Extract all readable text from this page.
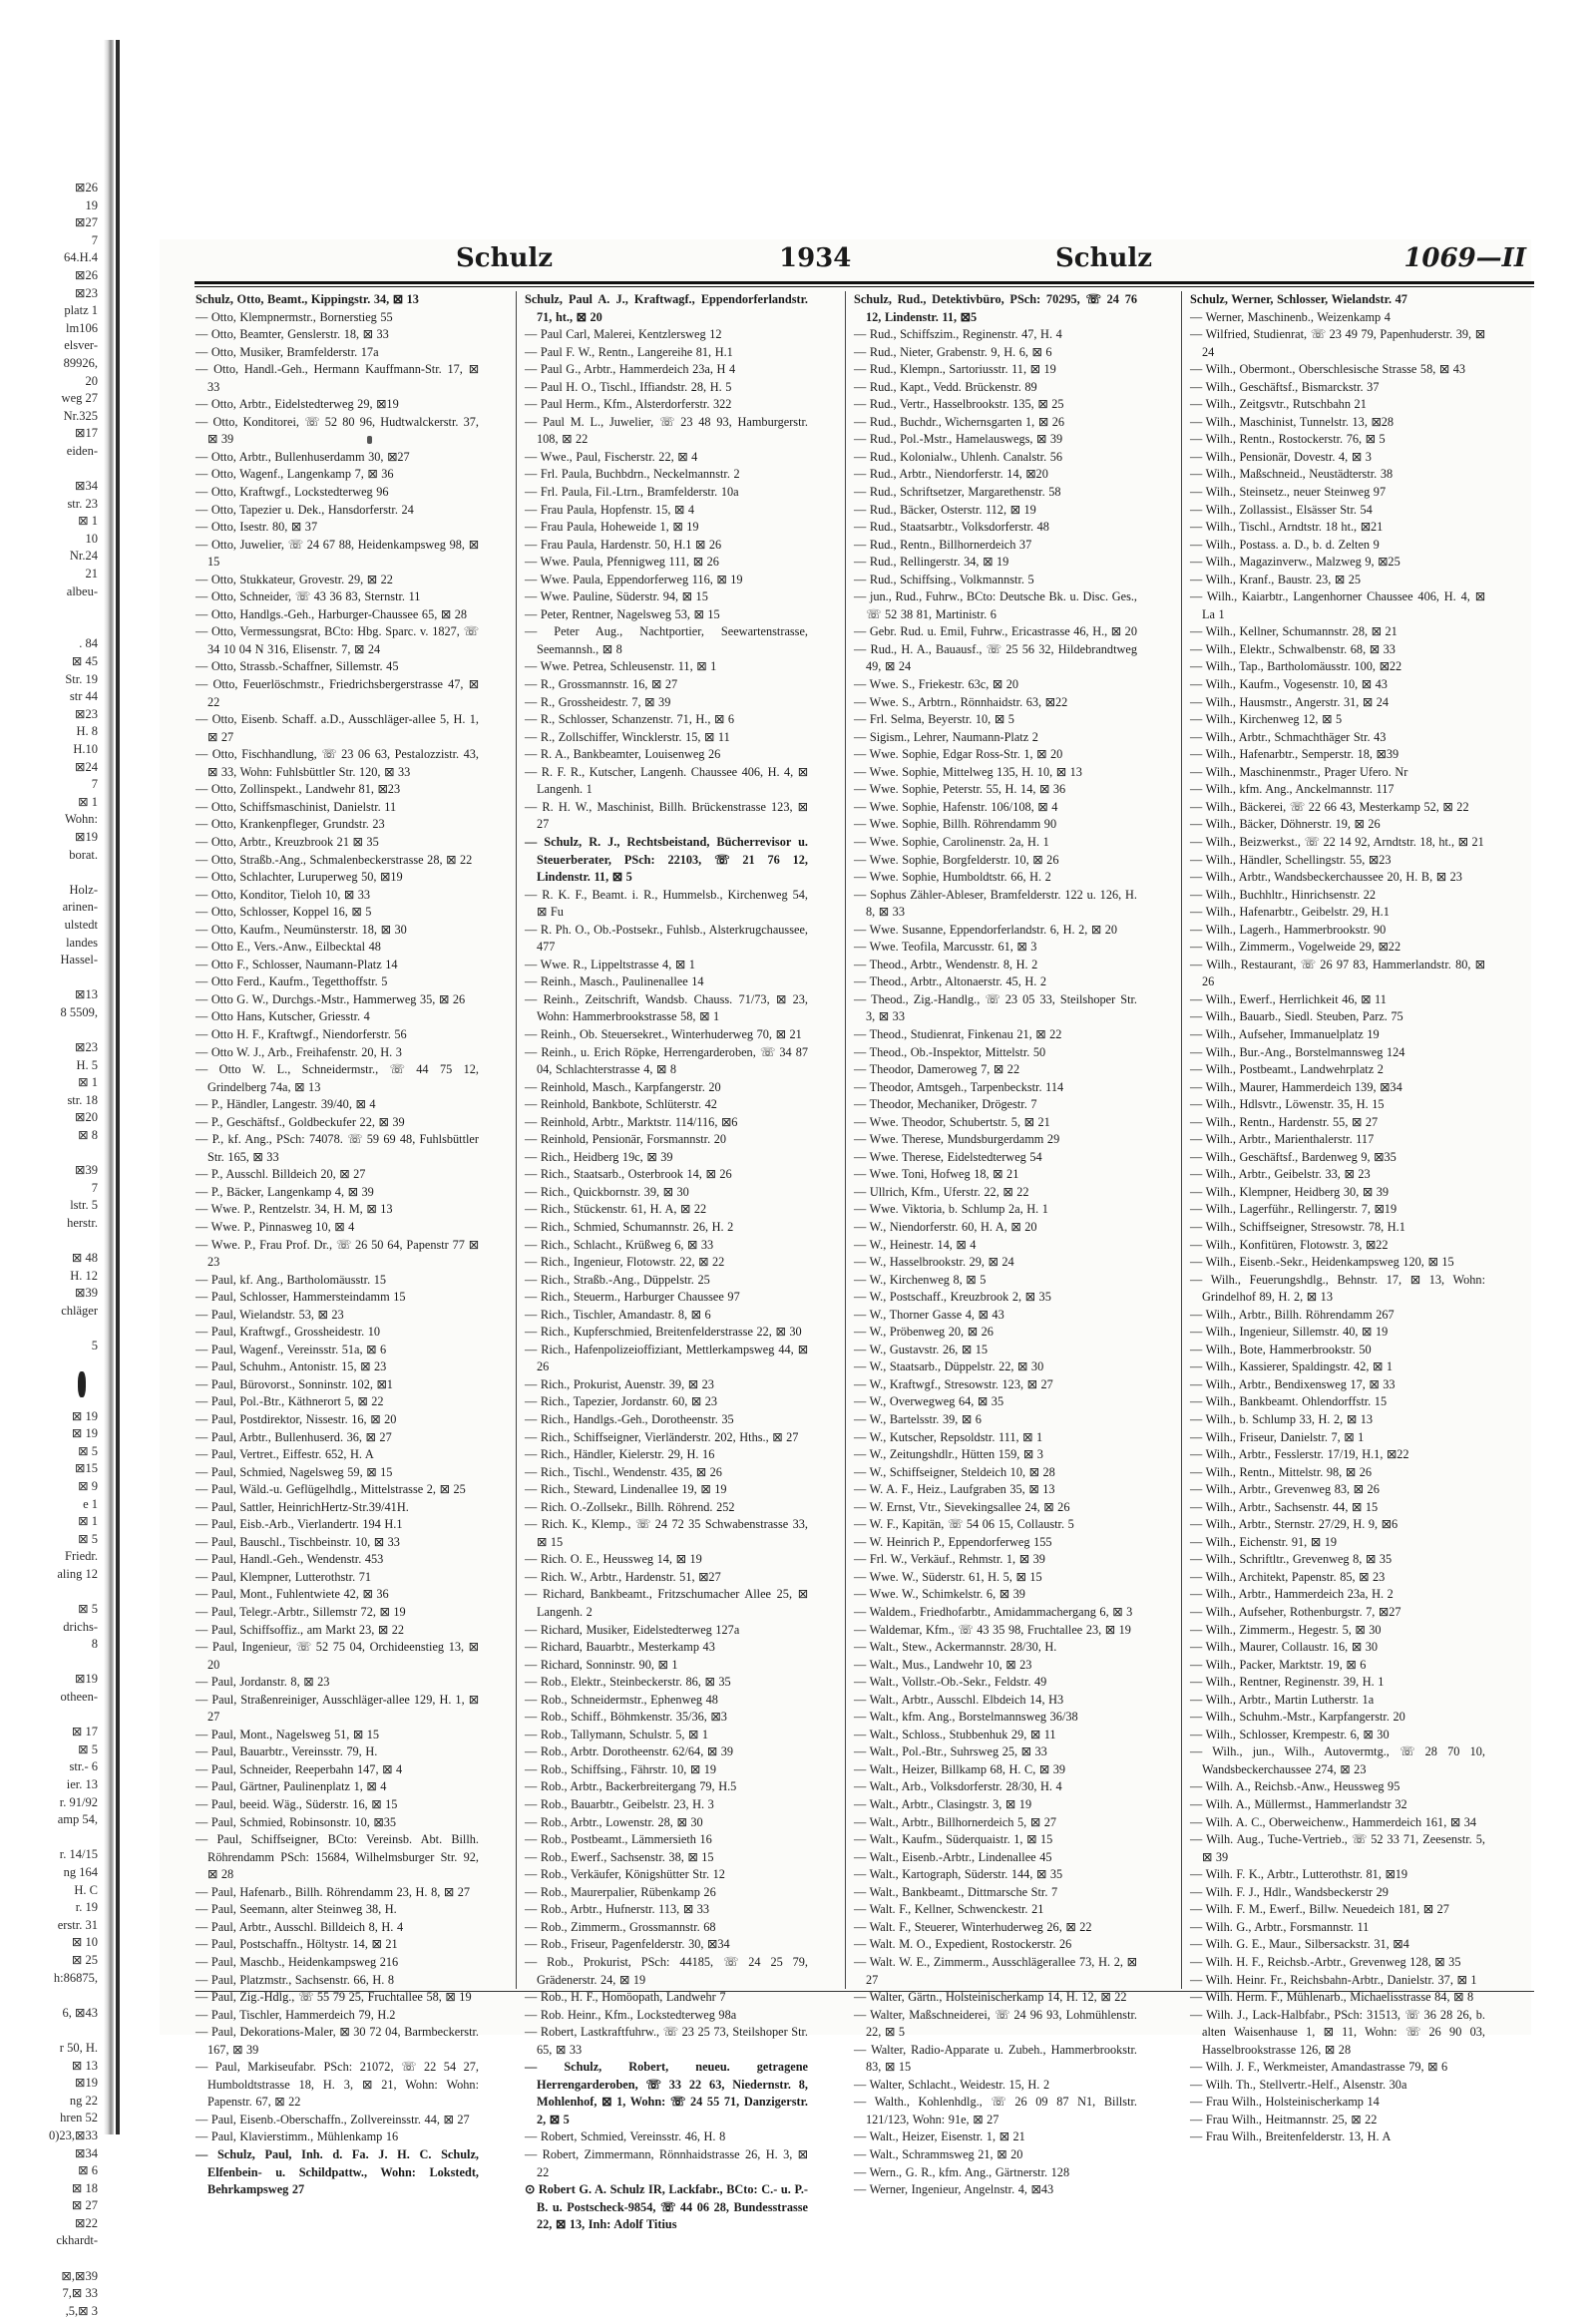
⊠26
19
⊠27
7
64.H.4
⊠26
⊠23
platz 1
lm106
elsver-
89926,
20
weg 27
Nr.325
⊠17
eiden-

⊠34
str. 23
⊠ 1
10
Nr.24
21
albeu-

. 84
⊠ 45
Str. 19
str 44
⊠23
H. 8
H.10
⊠24
7
⊠ 1
Wohn:
⊠19
borat.

Holz-
arinen-
ulstedt
landes
Hassel-

⊠13
8 5509,

⊠23
H. 5
⊠ 1
str. 18
⊠20
⊠ 8

⊠39
7
lstr. 5
herstr.

⊠ 48
H. 12
⊠39
chläger

5

⊠ 19
⊠ 19
⊠ 5
⊠15
⊠ 9
e 1
⊠ 1
⊠ 5
Friedr.
aling 12

⊠ 5
drichs-
8

⊠19
otheen-

⊠ 17
⊠ 5
str.- 6
ier. 13
r. 91/92
amp 54,

r. 14/15
ng 164
H. C
r. 19
erstr. 31
⊠ 10
⊠ 25
h:86875,

6, ⊠43

r 50, H.
⊠ 13
⊠19
ng 22
hren 52
0)23,⊠33
⊠34
⊠ 6
⊠ 18
⊠ 27
⊠22
ckhardt-

⊠,⊠39
7,⊠ 33
,5,⊠ 3
Schulz	1934	Schulz	1069—II

Schulz, Otto, Beamt., Kippingstr. 34, ⊠ 13

— Otto, Klempnermstr., Bornerstieg 55

— Otto, Beamter, Genslerstr. 18, ⊠ 33

— Otto, Musiker, Bramfelderstr. 17a

— Otto, Handl.-Geh., Hermann Kauffmann-Str. 17, ⊠ 33

— Otto, Arbtr., Eidelstedterweg 29, ⊠19

— Otto, Konditorei, ☏ 52 80 96, Hudtwalckerstr. 37, ⊠ 39

— Otto, Arbtr., Bullenhuserdamm 30, ⊠27

— Otto, Wagenf., Langenkamp 7, ⊠ 36

— Otto, Kraftwgf., Lockstedterweg 96

— Otto, Tapezier u. Dek., Hansdorferstr. 24

— Otto, Isestr. 80, ⊠ 37

— Otto, Juwelier, ☏ 24 67 88, Heidenkampsweg 98, ⊠ 15

— Otto, Stukkateur, Grovestr. 29, ⊠ 22

— Otto, Schneider, ☏ 43 36 83, Sternstr. 11

— Otto, Handlgs.-Geh., Harburger-Chaussee 65, ⊠ 28

— Otto, Vermessungsrat, BCto: Hbg. Sparc. v. 1827, ☏ 34 10 04 N 316, Elisenstr. 7, ⊠ 24

— Otto, Strassb.-Schaffner, Sillemstr. 45

— Otto, Feuerlöschmstr., Friedrichsbergerstrasse 47, ⊠ 22

— Otto, Eisenb. Schaff. a.D., Ausschläger-allee 5, H. 1, ⊠ 27

— Otto, Fischhandlung, ☏ 23 06 63, Pestalozzistr. 43, ⊠ 33, Wohn: Fuhlsbüttler Str. 120, ⊠ 33

— Otto, Zollinspekt., Landwehr 81, ⊠23

— Otto, Schiffsmaschinist, Danielstr. 11

— Otto, Krankenpfleger, Grundstr. 23

— Otto, Arbtr., Kreuzbrook 21 ⊠ 35

— Otto, Straßb.-Ang., Schmalenbeckerstrasse 28, ⊠ 22

— Otto, Schlachter, Luruperweg 50, ⊠19

— Otto, Konditor, Tieloh 10, ⊠ 33

— Otto, Schlosser, Koppel 16, ⊠ 5

— Otto, Kaufm., Neumünsterstr. 18, ⊠ 30

— Otto E., Vers.-Anw., Eilbecktal 48

— Otto F., Schlosser, Naumann-Platz 14

— Otto Ferd., Kaufm., Tegetthoffstr. 5

— Otto G. W., Durchgs.-Mstr., Hammerweg 35, ⊠ 26

— Otto Hans, Kutscher, Griesstr. 4

— Otto H. F., Kraftwgf., Niendorferstr. 56

— Otto W. J., Arb., Freihafenstr. 20, H. 3

— Otto W. L., Schneidermstr., ☏ 44 75 12, Grindelberg 74a, ⊠ 13

— P., Händler, Langestr. 39/40, ⊠ 4

— P., Geschäftsf., Goldbeckufer 22, ⊠ 39

— P., kf. Ang., PSch: 74078. ☏ 59 69 48, Fuhlsbüttler Str. 165, ⊠ 33

— P., Ausschl. Billdeich 20, ⊠ 27

— P., Bäcker, Langenkamp 4, ⊠ 39

— Wwe. P., Rentzelstr. 34, H. M, ⊠ 13

— Wwe. P., Pinnasweg 10, ⊠ 4

— Wwe. P., Frau Prof. Dr., ☏ 26 50 64, Papenstr 77 ⊠ 23

— Paul, kf. Ang., Bartholomäusstr. 15

— Paul, Schlosser, Hammersteindamm 15

— Paul, Wielandstr. 53, ⊠ 23

— Paul, Kraftwgf., Grossheidestr. 10

— Paul, Wagenf., Vereinsstr. 51a, ⊠ 6

— Paul, Schuhm., Antonistr. 15, ⊠ 23

— Paul, Bürovorst., Sonninstr. 102, ⊠1

— Paul, Pol.-Btr., Käthnerort 5, ⊠ 22

— Paul, Postdirektor, Nissestr. 16, ⊠ 20

— Paul, Arbtr., Bullenhuserd. 36, ⊠ 27

— Paul, Vertret., Eiffestr. 652, H. A

— Paul, Schmied, Nagelsweg 59, ⊠ 15

— Paul, Wäld.-u. Geflügelhdlg., Mittelstrasse 2, ⊠ 25

— Paul, Sattler, HeinrichHertz-Str.39/41H.

— Paul, Eisb.-Arb., Vierlandertr. 194 H.1

— Paul, Bauschl., Tischbeinstr. 10, ⊠ 33

— Paul, Handl.-Geh., Wendenstr. 453

— Paul, Klempner, Lutterothstr. 71

— Paul, Mont., Fuhlentwiete 42, ⊠ 36

— Paul, Telegr.-Arbtr., Sillemstr 72, ⊠ 19

— Paul, Schiffsoffiz., am Markt 23, ⊠ 22

— Paul, Ingenieur, ☏ 52 75 04, Orchideenstieg 13, ⊠ 20

— Paul, Jordanstr. 8, ⊠ 23

— Paul, Straßenreiniger, Ausschläger-allee 129, H. 1, ⊠ 27

— Paul, Mont., Nagelsweg 51, ⊠ 15

— Paul, Bauarbtr., Vereinsstr. 79, H.

— Paul, Schneider, Reeperbahn 147, ⊠ 4

— Paul, Gärtner, Paulinenplatz 1, ⊠ 4

— Paul, beeid. Wäg., Süderstr. 16, ⊠ 15

— Paul, Schmied, Robinsonstr. 10, ⊠35

— Paul, Schiffseigner, BCto: Vereinsb. Abt. Billh. Röhrendamm PSch: 15684, Wilhelmsburger Str. 92, ⊠ 28

— Paul, Hafenarb., Billh. Röhrendamm 23, H. 8, ⊠ 27

— Paul, Seemann, alter Steinweg 38, H.

— Paul, Arbtr., Ausschl. Billdeich 8, H. 4

— Paul, Postschaffn., Höltystr. 14, ⊠ 21

— Paul, Maschb., Heidenkampsweg 216

— Paul, Platzmstr., Sachsenstr. 66, H. 8

— Paul, Zig.-Hdlg., ☏ 55 79 25, Fruchtallee 58, ⊠ 19

— Paul, Tischler, Hammerdeich 79, H.2

— Paul, Dekorations-Maler, ⊠ 30 72 04, Barmbeckerstr. 167, ⊠ 39

— Paul, Markiseufabr. PSch: 21072, ☏ 22 54 27, Humboldtstrasse 18, H. 3, ⊠ 21, Wohn: Wohn: Papenstr. 67, ⊠ 22

— Paul, Eisenb.-Oberschaffn., Zollvereinsstr. 44, ⊠ 27

— Paul, Klavierstimm., Mühlenkamp 16

— Schulz, Paul, Inh. d. Fa. J. H. C. Schulz, Elfenbein- u. Schildpattw., Wohn: Lokstedt, Behrkampsweg 27

Schulz, Paul A. J., Kraftwagf., Eppendorferlandstr. 71, ht., ⊠ 20

— Paul Carl, Malerei, Kentzlersweg 12

— Paul F. W., Rentn., Langereihe 81, H.1

— Paul G., Arbtr., Hammerdeich 23a, H 4

— Paul H. O., Tischl., Iffiandstr. 28, H. 5

— Paul Herm., Kfm., Alsterdorferstr. 322

— Paul M. L., Juwelier, ☏ 23 48 93, Hamburgerstr. 108, ⊠ 22

— Wwe., Paul, Fischerstr. 22, ⊠ 4

— Frl. Paula, Buchbdrn., Neckelmannstr. 2

— Frl. Paula, Fil.-Ltrn., Bramfelderstr. 10a

— Frau Paula, Hopfenstr. 15, ⊠ 4

— Frau Paula, Hoheweide 1, ⊠ 19

— Frau Paula, Hardenstr. 50, H.1 ⊠ 26

— Wwe. Paula, Pfennigweg 111, ⊠ 26

— Wwe. Paula, Eppendorferweg 116, ⊠ 19

— Wwe. Pauline, Süderstr. 94, ⊠ 15

— Peter, Rentner, Nagelsweg 53, ⊠ 15

— Peter Aug., Nachtportier, Seewartenstrasse, Seemannsh., ⊠ 8

— Wwe. Petrea, Schleusenstr. 11, ⊠ 1

— R., Grossmannstr. 16, ⊠ 27

— R., Grossheidestr. 7, ⊠ 39

— R., Schlosser, Schanzenstr. 71, H., ⊠ 6

— R., Zollschiffer, Wincklerstr. 15, ⊠ 11

— R. A., Bankbeamter, Louisenweg 26

— R. F. R., Kutscher, Langenh. Chaussee 406, H. 4, ⊠ Langenh. 1

— R. H. W., Maschinist, Billh. Brückenstrasse 123, ⊠ 27

— Schulz, R. J., Rechtsbeistand, Bücherrevisor u. Steuerberater, PSch: 22103, ☏ 21 76 12, Lindenstr. 11, ⊠ 5

— R. K. F., Beamt. i. R., Hummelsb., Kirchenweg 54, ⊠ Fu

— R. Ph. O., Ob.-Postsekr., Fuhlsb., Alsterkrugchaussee, 477

— Wwe. R., Lippeltstrasse 4, ⊠ 1

— Reinh., Masch., Paulinenallee 14

— Reinh., Zeitschrift, Wandsb. Chauss. 71/73, ⊠ 23, Wohn: Hammerbrookstrasse 58, ⊠ 1

— Reinh., Ob. Steuersekret., Winterhuderweg 70, ⊠ 21

— Reinh., u. Erich Röpke, Herrengarderoben, ☏ 34 87 04, Schlachterstrasse 4, ⊠ 8

— Reinhold, Masch., Karpfangerstr. 20

— Reinhold, Bankbote, Schlüterstr. 42

— Reinhold, Arbtr., Marktstr. 114/116, ⊠6

— Reinhold, Pensionär, Forsmannstr. 20

— Rich., Heidberg 19c, ⊠ 39

— Rich., Staatsarb., Osterbrook 14, ⊠ 26

— Rich., Quickbornstr. 39, ⊠ 30

— Rich., Stückenstr. 61, H. A, ⊠ 22

— Rich., Schmied, Schumannstr. 26, H. 2

— Rich., Schlacht., Krüßweg 6, ⊠ 33

— Rich., Ingenieur, Flotowstr. 22, ⊠ 22

— Rich., Straßb.-Ang., Düppelstr. 25

— Rich., Steuerm., Harburger Chaussee 97

— Rich., Tischler, Amandastr. 8, ⊠ 6

— Rich., Kupferschmied, Breitenfelderstrasse 22, ⊠ 30

— Rich., Hafenpolizeioffiziant, Mettlerkampsweg 44, ⊠ 26

— Rich., Prokurist, Auenstr. 39, ⊠ 23

— Rich., Tapezier, Jordanstr. 60, ⊠ 23

— Rich., Handlgs.-Geh., Dorotheenstr. 35

— Rich., Schiffseigner, Vierländerstr. 202, Hths., ⊠ 27

— Rich., Händler, Kielerstr. 29, H. 16

— Rich., Tischl., Wendenstr. 435, ⊠ 26

— Rich., Steward, Lindenallee 19, ⊠ 19

— Rich. O.-Zollsekr., Billh. Röhrend. 252

— Rich. K., Klemp., ☏ 24 72 35 Schwabenstrasse 33, ⊠ 15

— Rich. O. E., Heussweg 14, ⊠ 19

— Rich. W., Arbtr., Hardenstr. 51, ⊠27

— Richard, Bankbeamt., Fritzschumacher Allee 25, ⊠ Langenh. 2

— Richard, Musiker, Eidelstedterweg 127a

— Richard, Bauarbtr., Mesterkamp 43

— Richard, Sonninstr. 90, ⊠ 1

— Rob., Elektr., Steinbeckerstr. 86, ⊠ 35

— Rob., Schneidermstr., Ephenweg 48

— Rob., Schiff., Böhmkenstr. 35/36, ⊠3

— Rob., Tallymann, Schulstr. 5, ⊠ 1

— Rob., Arbtr. Dorotheenstr. 62/64, ⊠ 39

— Rob., Schiffsing., Fährstr. 10, ⊠ 19

— Rob., Arbtr., Backerbreitergang 79, H.5

— Rob., Bauarbtr., Geibelstr. 23, H. 3

— Rob., Arbtr., Lowenstr. 28, ⊠ 30

— Rob., Postbeamt., Lämmersieth 16

— Rob., Ewerf., Sachsenstr. 38, ⊠ 15

— Rob., Verkäufer, Königshütter Str. 12

— Rob., Maurerpalier, Rübenkamp 26

— Rob., Arbtr., Hufnerstr. 113, ⊠ 33

— Rob., Zimmerm., Grossmannstr. 68

— Rob., Friseur, Pagenfelderstr. 30, ⊠34

— Rob., Prokurist, PSch: 44185, ☏ 24 25 79, Grädenerstr. 24, ⊠ 19

— Rob., H. F., Homöopath, Landwehr 7

— Rob. Heinr., Kfm., Lockstedterweg 98a

— Robert, Lastkraftfuhrw., ☏ 23 25 73, Steilshoper Str. 65, ⊠ 33

— Schulz, Robert, neueu. getragene Herrengarderoben, ☏ 33 22 63, Niedernstr. 8, Mohlenhof, ⊠ 1, Wohn: ☏ 24 55 71, Danzigerstr. 2, ⊠ 5

— Robert, Schmied, Vereinsstr. 46, H. 8

— Robert, Zimmermann, Rönnhaidstrasse 26, H. 3, ⊠ 22

⊙ Robert G. A. Schulz IR, Lackfabr., BCto: C.- u. P.-B. u. Postscheck-9854, ☏ 44 06 28, Bundesstrasse 22, ⊠ 13, Inh: Adolf Titius

Schulz, Rud., Detektivbüro, PSch: 70295, ☏ 24 76 12, Lindenstr. 11, ⊠5

— Rud., Schiffszim., Reginenstr. 47, H. 4

— Rud., Nieter, Grabenstr. 9, H. 6, ⊠ 6

— Rud., Klempn., Sartoriusstr. 11, ⊠ 19

— Rud., Kapt., Vedd. Brückenstr. 89

— Rud., Vertr., Hasselbrookstr. 135, ⊠ 25

— Rud., Buchdr., Wichernsgarten 1, ⊠ 26

— Rud., Pol.-Mstr., Hamelauswegs, ⊠ 39

— Rud., Kolonialw., Uhlenh. Canalstr. 56

— Rud., Arbtr., Niendorferstr. 14, ⊠20

— Rud., Schriftsetzer, Margarethenstr. 58

— Rud., Bäcker, Osterstr. 112, ⊠ 19

— Rud., Staatsarbtr., Volksdorferstr. 48

— Rud., Rentn., Billhornerdeich 37

— Rud., Rellingerstr. 34, ⊠ 19

— Rud., Schiffsing., Volkmannstr. 5

— jun., Rud., Fuhrw., BCto: Deutsche Bk. u. Disc. Ges., ☏ 52 38 81, Martinistr. 6

— Gebr. Rud. u. Emil, Fuhrw., Ericastrasse 46, H., ⊠ 20

— Rud., H. A., Bauausf., ☏ 25 56 32, Hildebrandtweg 49, ⊠ 24

— Wwe. S., Friekestr. 63c, ⊠ 20

— Wwe. S., Arbtrn., Rönnhaidstr. 63, ⊠22

— Frl. Selma, Beyerstr. 10, ⊠ 5

— Sigism., Lehrer, Naumann-Platz 2

— Wwe. Sophie, Edgar Ross-Str. 1, ⊠ 20

— Wwe. Sophie, Mittelweg 135, H. 10, ⊠ 13

— Wwe. Sophie, Peterstr. 55, H. 14, ⊠ 36

— Wwe. Sophie, Hafenstr. 106/108, ⊠ 4

— Wwe. Sophie, Billh. Röhrendamm 90

— Wwe. Sophie, Carolinenstr. 2a, H. 1

— Wwe. Sophie, Borgfelderstr. 10, ⊠ 26

— Wwe. Sophie, Humboldtstr. 66, H. 2

— Sophus Zähler-Ableser, Bramfelderstr. 122 u. 126, H. 8, ⊠ 33

— Wwe. Susanne, Eppendorferlandstr. 6, H. 2, ⊠ 20

— Wwe. Teofila, Marcusstr. 61, ⊠ 3

— Theod., Arbtr., Wendenstr. 8, H. 2

— Theod., Arbtr., Altonaerstr. 45, H. 2

— Theod., Zig.-Handlg., ☏ 23 05 33, Steilshoper Str. 3, ⊠ 33

— Theod., Studienrat, Finkenau 21, ⊠ 22

— Theod., Ob.-Inspektor, Mittelstr. 50

— Theodor, Dameroweg 7, ⊠ 22

— Theodor, Amtsgeh., Tarpenbeckstr. 114

— Theodor, Mechaniker, Drögestr. 7

— Wwe. Theodor, Schubertstr. 5, ⊠ 21

— Wwe. Therese, Mundsburgerdamm 29

— Wwe. Therese, Eidelstedterweg 54

— Wwe. Toni, Hofweg 18, ⊠ 21

— Ullrich, Kfm., Uferstr. 22, ⊠ 22

— Wwe. Viktoria, b. Schlump 2a, H. 1

— W., Niendorferstr. 60, H. A, ⊠ 20

— W., Heinestr. 14, ⊠ 4

— W., Hasselbrookstr. 29, ⊠ 24

— W., Kirchenweg 8, ⊠ 5

— W., Postschaff., Kreuzbrook 2, ⊠ 35

— W., Thorner Gasse 4, ⊠ 43

— W., Pröbenweg 20, ⊠ 26

— W., Gustavstr. 26, ⊠ 15

— W., Staatsarb., Düppelstr. 22, ⊠ 30

— W., Kraftwgf., Stresowstr. 123, ⊠ 27

— W., Overwegweg 64, ⊠ 35

— W., Bartelsstr. 39, ⊠ 6

— W., Kutscher, Repsoldstr. 111, ⊠ 1

— W., Zeitungshdlr., Hütten 159, ⊠ 3

— W., Schiffseigner, Steldeich 10, ⊠ 28

— W. A. F., Heiz., Laufgraben 35, ⊠ 13

— W. Ernst, Vtr., Sievekingsallee 24, ⊠ 26

— W. F., Kapitän, ☏ 54 06 15, Collaustr. 5

— W. Heinrich P., Eppendorferweg 155

— Frl. W., Verkäuf., Rehmstr. 1, ⊠ 39

— Wwe. W., Süderstr. 61, H. 5, ⊠ 15

— Wwe. W., Schimkelstr. 6, ⊠ 39

— Waldem., Friedhofarbtr., Amidammachergang 6, ⊠ 3

— Waldemar, Kfm., ☏ 43 35 98, Fruchtallee 23, ⊠ 19

— Walt., Stew., Ackermannstr. 28/30, H.

— Walt., Mus., Landwehr 10, ⊠ 23

— Walt., Vollstr.-Ob.-Sekr., Feldstr. 49

— Walt., Arbtr., Ausschl. Elbdeich 14, H3

— Walt., kfm. Ang., Borstelmannsweg 36/38

— Walt., Schloss., Stubbenhuk 29, ⊠ 11

— Walt., Pol.-Btr., Suhrsweg 25, ⊠ 33

— Walt., Heizer, Billkamp 68, H. C, ⊠ 39

— Walt., Arb., Volksdorferstr. 28/30, H. 4

— Walt., Arbtr., Clasingstr. 3, ⊠ 19

— Walt., Arbtr., Billhornerdeich 5, ⊠ 27

— Walt., Kaufm., Süderquaistr. 1, ⊠ 15

— Walt., Eisenb.-Arbtr., Lindenallee 45

— Walt., Kartograph, Süderstr. 144, ⊠ 35

— Walt., Bankbeamt., Dittmarsche Str. 7

— Walt. F., Kellner, Schwenckestr. 21

— Walt. F., Steuerer, Winterhuderweg 26, ⊠ 22

— Walt. M. O., Expedient, Rostockerstr. 26

— Walt. W. E., Zimmerm., Ausschlägerallee 73, H. 2, ⊠ 27

— Walter, Gärtn., Holsteinischerkamp 14, H. 12, ⊠ 22

— Walter, Maßschneiderei, ☏ 24 96 93, Lohmühlenstr. 22, ⊠ 5

— Walter, Radio-Apparate u. Zubeh., Hammerbrookstr. 83, ⊠ 15

— Walter, Schlacht., Weidestr. 15, H. 2

— Walth., Kohlenhdlg., ☏ 26 09 87 N1, Billstr. 121/123, Wohn: 91e, ⊠ 27

— Walt., Heizer, Eisenstr. 1, ⊠ 21

— Walt., Schrammsweg 21, ⊠ 20

— Wern., G. R., kfm. Ang., Gärtnerstr. 128

— Werner, Ingenieur, Angelnstr. 4, ⊠43

Schulz, Werner, Schlosser, Wielandstr. 47

— Werner, Maschinenb., Weizenkamp 4

— Wilfried, Studienrat, ☏ 23 49 79, Papenhuderstr. 39, ⊠ 24

— Wilh., Obermont., Oberschlesische Strasse 58, ⊠ 43

— Wilh., Geschäftsf., Bismarckstr. 37

— Wilh., Zeitgsvtr., Rutschbahn 21

— Wilh., Maschinist, Tunnelstr. 13, ⊠28

— Wilh., Rentn., Rostockerstr. 76, ⊠ 5

— Wilh., Pensionär, Dovestr. 4, ⊠ 3

— Wilh., Maßschneid., Neustädterstr. 38

— Wilh., Steinsetz., neuer Steinweg 97

— Wilh., Zollassist., Elsässer Str. 54

— Wilh., Tischl., Arndtstr. 18 ht., ⊠21

— Wilh., Postass. a. D., b. d. Zelten 9

— Wilh., Magazinverw., Malzweg 9, ⊠25

— Wilh., Kranf., Baustr. 23, ⊠ 25

— Wilh., Kaiarbtr., Langenhorner Chaussee 406, H. 4, ⊠ La 1

— Wilh., Kellner, Schumannstr. 28, ⊠ 21

— Wilh., Elektr., Schwalbenstr. 68, ⊠ 33

— Wilh., Tap., Bartholomäusstr. 100, ⊠22

— Wilh., Kaufm., Vogesenstr. 10, ⊠ 43

— Wilh., Hausmstr., Angerstr. 31, ⊠ 24

— Wilh., Kirchenweg 12, ⊠ 5

— Wilh., Arbtr., Schmachthäger Str. 43

— Wilh., Hafenarbtr., Semperstr. 18, ⊠39

— Wilh., Maschinenmstr., Prager Ufero. Nr

— Wilh., kfm. Ang., Anckelmannstr. 117

— Wilh., Bäckerei, ☏ 22 66 43, Mesterkamp 52, ⊠ 22

— Wilh., Bäcker, Döhnerstr. 19, ⊠ 26

— Wilh., Beizwerkst., ☏ 22 14 92, Arndtstr. 18, ht., ⊠ 21

— Wilh., Händler, Schellingstr. 55, ⊠23

— Wilh., Arbtr., Wandsbeckerchaussee 20, H. B, ⊠ 23

— Wilh., Buchhltr., Hinrichsenstr. 22

— Wilh., Hafenarbtr., Geibelstr. 29, H.1

— Wilh., Lagerh., Hammerbrookstr. 90

— Wilh., Zimmerm., Vogelweide 29, ⊠22

— Wilh., Restaurant, ☏ 26 97 83, Hammerlandstr. 80, ⊠ 26

— Wilh., Ewerf., Herrlichkeit 46, ⊠ 11

— Wilh., Bauarb., Siedl. Steuben, Parz. 75

— Wilh., Aufseher, Immanuelplatz 19

— Wilh., Bur.-Ang., Borstelmannsweg 124

— Wilh., Postbeamt., Landwehrplatz 2

— Wilh., Maurer, Hammerdeich 139, ⊠34

— Wilh., Hdlsvtr., Löwenstr. 35, H. 15

— Wilh., Rentn., Hardenstr. 55, ⊠ 27

— Wilh., Arbtr., Marienthalerstr. 117

— Wilh., Geschäftsf., Bardenweg 9, ⊠35

— Wilh., Arbtr., Geibelstr. 33, ⊠ 23

— Wilh., Klempner, Heidberg 30, ⊠ 39

— Wilh., Lagerführ., Rellingerstr. 7, ⊠19

— Wilh., Schiffseigner, Stresowstr. 78, H.1

— Wilh., Konfitüren, Flotowstr. 3, ⊠22

— Wilh., Eisenb.-Sekr., Heidenkampsweg 120, ⊠ 15

— Wilh., Feuerungshdlg., Behnstr. 17, ⊠ 13, Wohn: Grindelhof 89, H. 2, ⊠ 13

— Wilh., Arbtr., Billh. Röhrendamm 267

— Wilh., Ingenieur, Sillemstr. 40, ⊠ 19

— Wilh., Bote, Hammerbrookstr. 50

— Wilh., Kassierer, Spaldingstr. 42, ⊠ 1

— Wilh., Arbtr., Bendixensweg 17, ⊠ 33

— Wilh., Bankbeamt. Ohlendorffstr. 15

— Wilh., b. Schlump 33, H. 2, ⊠ 13

— Wilh., Friseur, Danielstr. 7, ⊠ 1

— Wilh., Arbtr., Fesslerstr. 17/19, H.1, ⊠22

— Wilh., Rentn., Mittelstr. 98, ⊠ 26

— Wilh., Arbtr., Grevenweg 83, ⊠ 26

— Wilh., Arbtr., Sachsenstr. 44, ⊠ 15

— Wilh., Arbtr., Sternstr. 27/29, H. 9, ⊠6

— Wilh., Eichenstr. 91, ⊠ 19

— Wilh., Schriftltr., Grevenweg 8, ⊠ 35

— Wilh., Architekt, Papenstr. 85, ⊠ 23

— Wilh., Arbtr., Hammerdeich 23a, H. 2

— Wilh., Aufseher, Rothenburgstr. 7, ⊠27

— Wilh., Zimmerm., Hegestr. 5, ⊠ 30

— Wilh., Maurer, Collaustr. 16, ⊠ 30

— Wilh., Packer, Marktstr. 19, ⊠ 6

— Wilh., Rentner, Reginenstr. 39, H. 1

— Wilh., Arbtr., Martin Lutherstr. 1a

— Wilh., Schuhm.-Mstr., Karpfangerstr. 20

— Wilh., Schlosser, Krempestr. 6, ⊠ 30

— Wilh., jun., Wilh., Autovermtg., ☏ 28 70 10, Wandsbeckerchaussee 274, ⊠ 23

— Wilh. A., Reichsb.-Anw., Heussweg 95

— Wilh. A., Müllermst., Hammerlandstr 32

— Wilh. A. C., Oberweichenw., Hammerdeich 161, ⊠ 34

— Wilh. Aug., Tuche-Vertrieb., ☏ 52 33 71, Zeesenstr. 5, ⊠ 39

— Wilh. F. K., Arbtr., Lutterothstr. 81, ⊠19

— Wilh. F. J., Hdlr., Wandsbeckerstr 29

— Wilh. F. M., Ewerf., Billw. Neuedeich 181, ⊠ 27

— Wilh. G., Arbtr., Forsmannstr. 11

— Wilh. G. E., Maur., Silbersackstr. 31, ⊠4

— Wilh. H. F., Reichsb.-Arbtr., Grevenweg 128, ⊠ 35

— Wilh. Heinr. Fr., Reichsbahn-Arbtr., Danielstr. 37, ⊠ 1

— Wilh. Herm. F., Mühlenarb., Michaelisstrasse 84, ⊠ 8

— Wilh. J., Lack-Halbfabr., PSch: 31513, ☏ 36 28 26, b. alten Waisenhause 1, ⊠ 11, Wohn: ☏ 26 90 03, Hasselbrookstrasse 126, ⊠ 28

— Wilh. J. F., Werkmeister, Amandastrasse 79, ⊠ 6

— Wilh. Th., Stellvertr.-Helf., Alsenstr. 30a

— Frau Wilh., Holsteinischerkamp 14

— Frau Wilh., Heitmannstr. 25, ⊠ 22

— Frau Wilh., Breitenfelderstr. 13, H. A
